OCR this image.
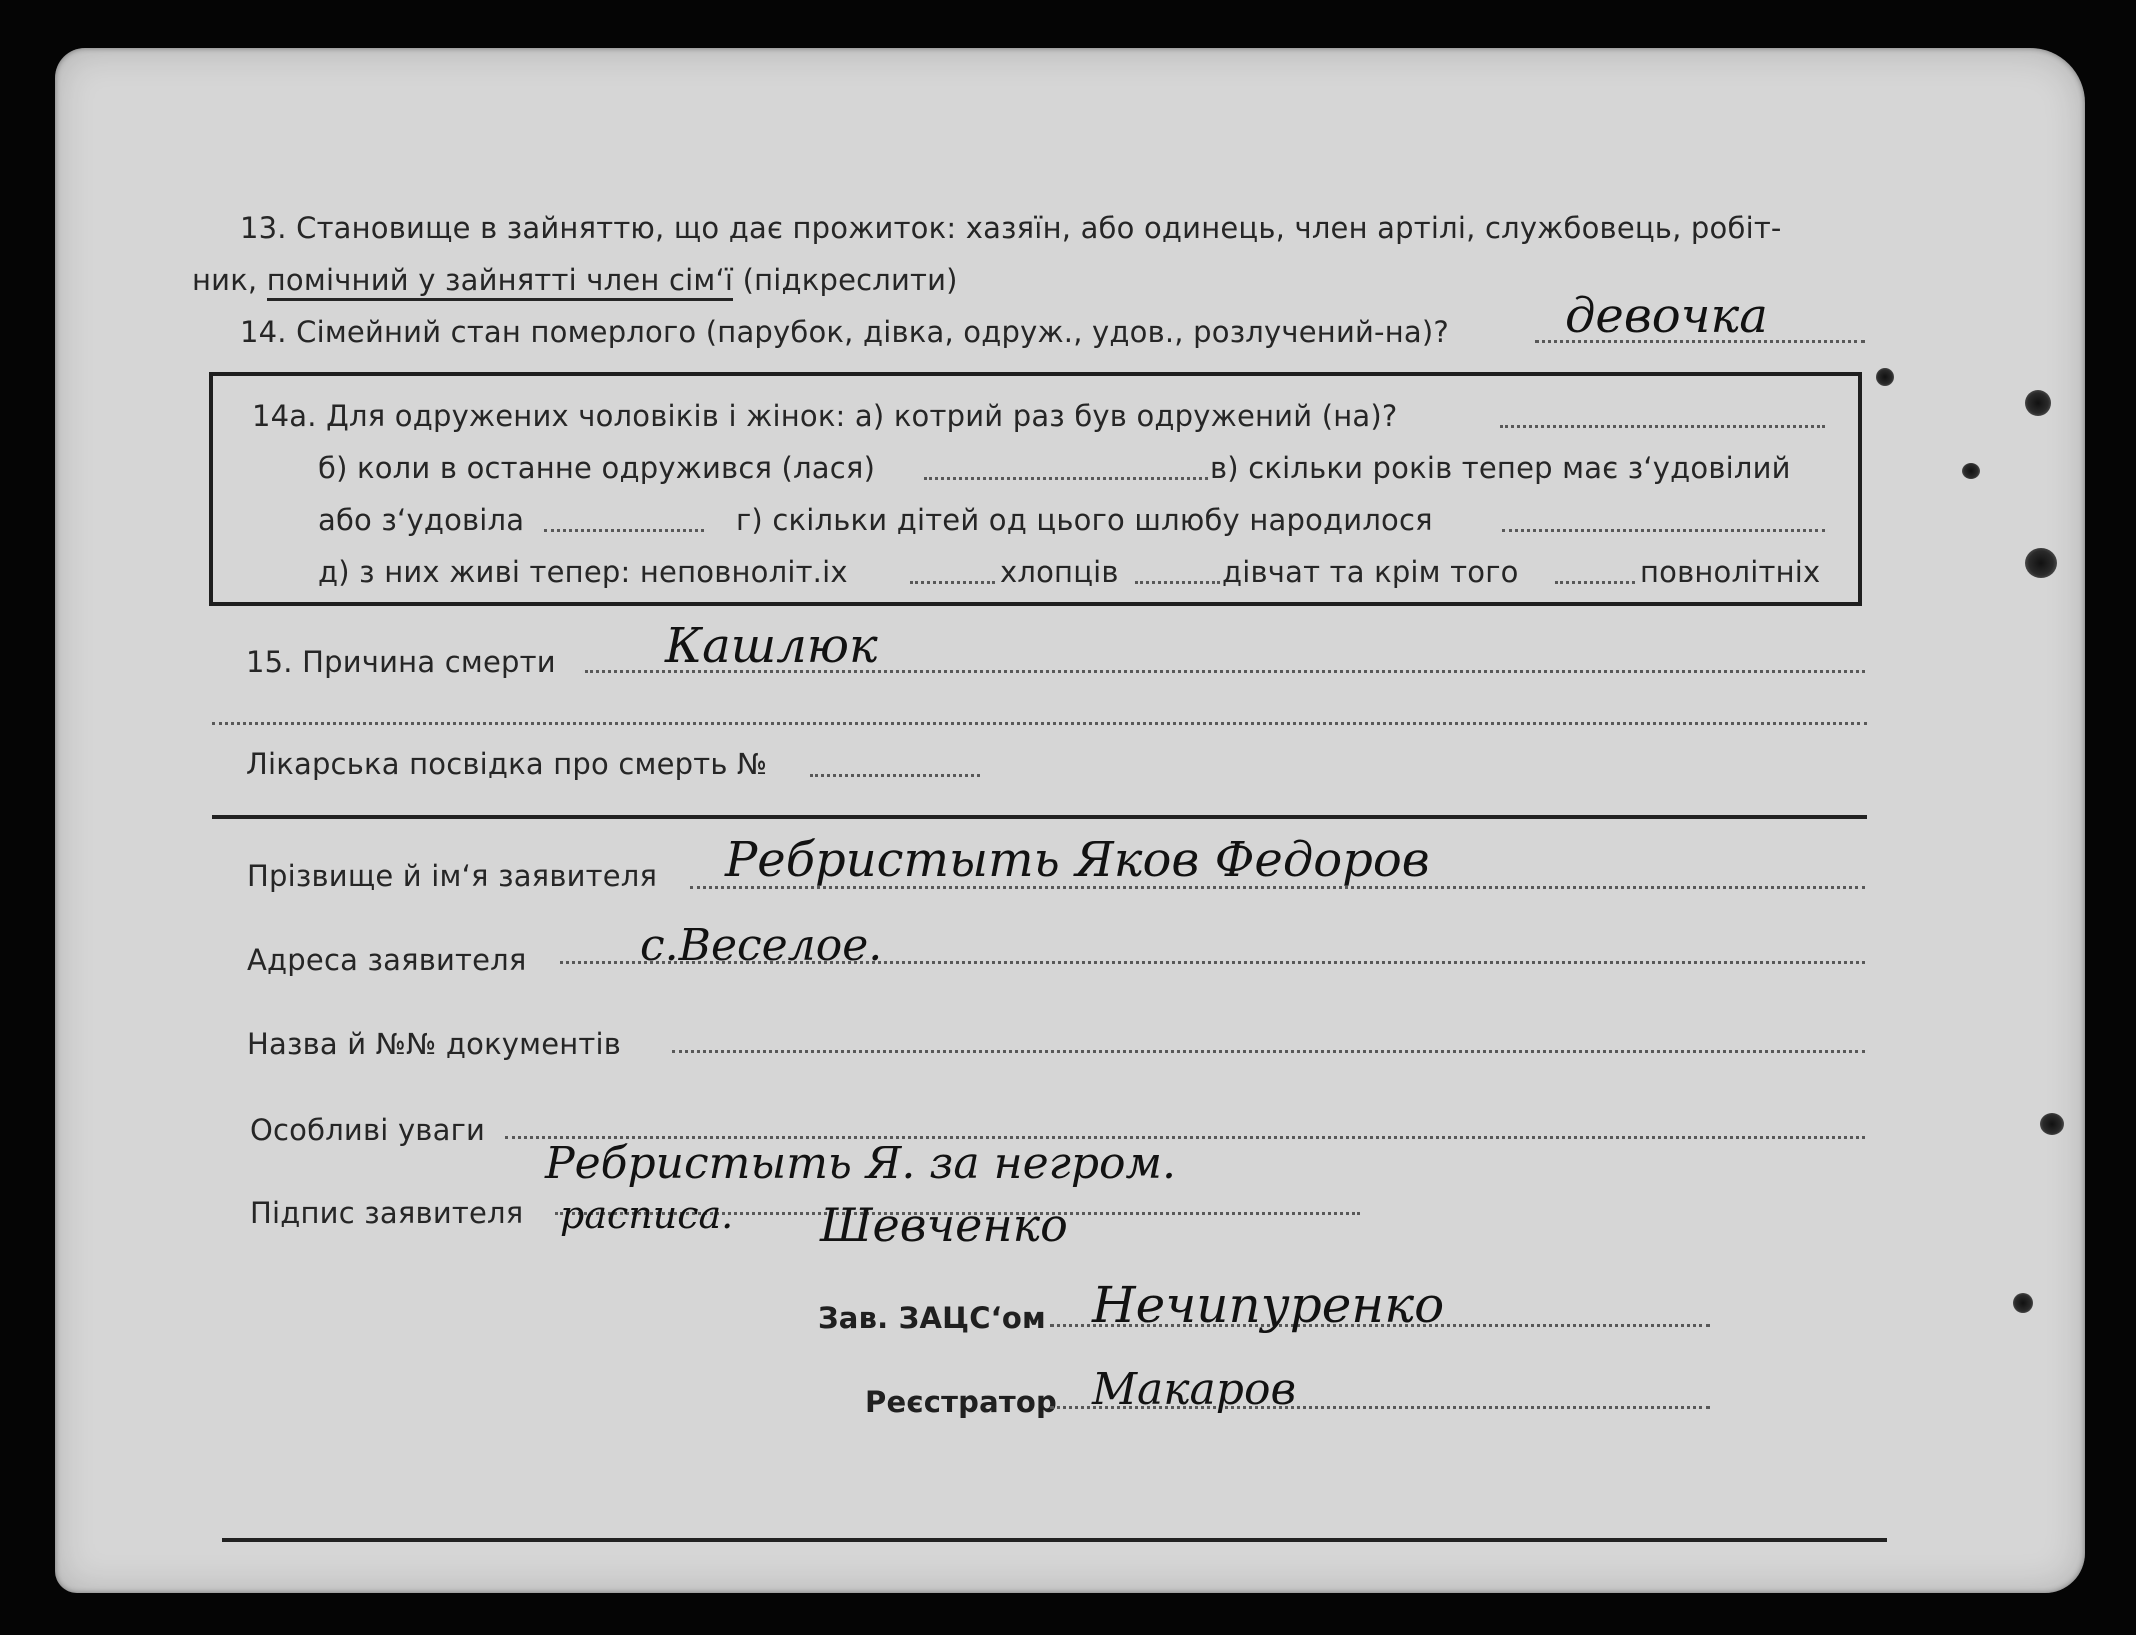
13. Становище в зайняттю, що дає прожиток: хазяїн, або одинець, член артілі, службовець, робіт-
ник, помічний у зайнятті член сім‘ї (підкреслити)
14. Сімейний стан померлого (парубок, дівка, одруж., удов., розлучений-на)? девочка
14а. Для одружених чоловіків і жінок: а) котрий раз був одружений (на)?
б) коли в останне одружився (лася)	в) скільки років тепер має з‘удовілий
або з‘удовіла	г) скільки дітей од цього шлюбу народилося
д) з них живі тепер: неповноліт.іх	хлопців	дівчат та крім того	повнолітніх
15. Причина смерти Кашлюк
Лікарська посвідка про смерть №
Прізвище й ім‘я заявителя Ребристыть Яков Федоров
Адреса заявителя	с.Веселое.
Назва й №№ документів
Особливі уваги
Ребристыть Я. за негром.
Підпис заявителя расписа. Шевченко
Зав. ЗАЦС‘ом Нечипуренко
Реєстратор Макаров
